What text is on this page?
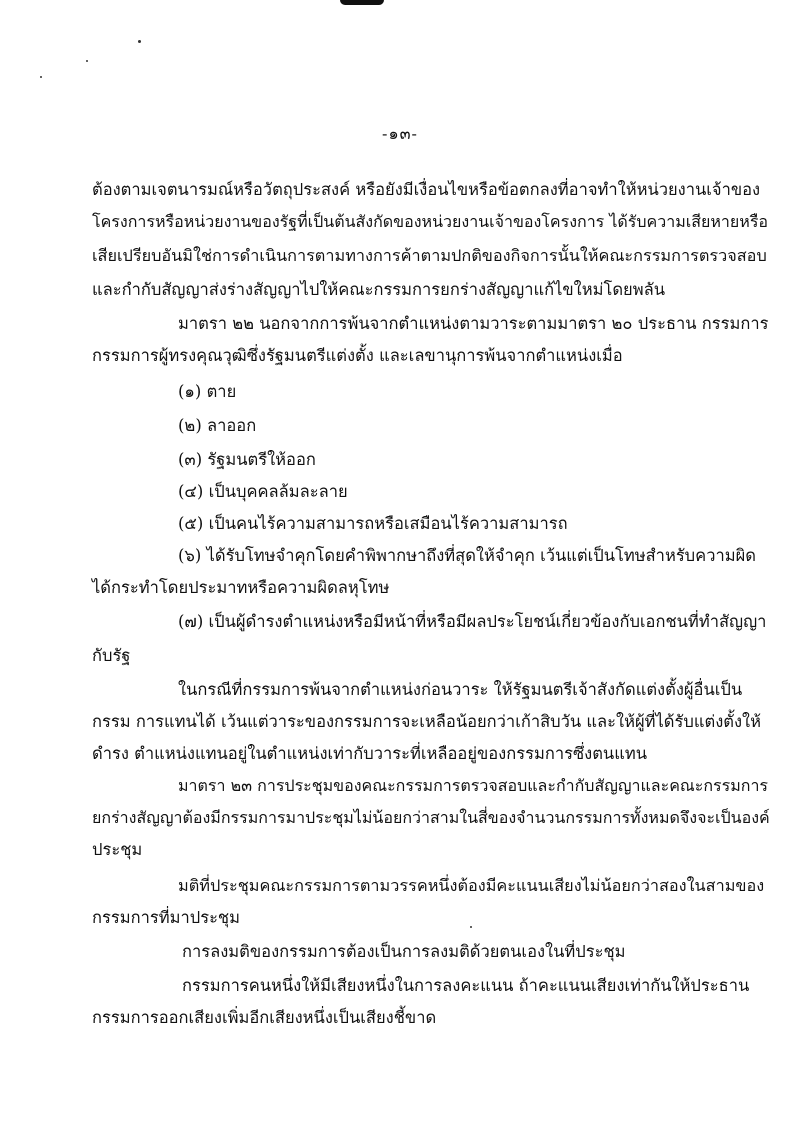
-๑๓-
ต้องตามเจตนารมณ์หรือวัตถุประสงค์ หรือยังมีเงื่อนไขหรือข้อตกลงที่อาจทำให้หน่วยงานเจ้าของ
โครงการหรือหน่วยงานของรัฐที่เป็นต้นสังกัดของหน่วยงานเจ้าของโครงการ ได้รับความเสียหายหรือ
เสียเปรียบอันมิใช่การดำเนินการตามทางการค้าตามปกติของกิจการนั้นให้คณะกรรมการตรวจสอบ
และกำกับสัญญาส่งร่างสัญญาไปให้คณะกรรมการยกร่างสัญญาแก้ไขใหม่โดยพลัน
มาตรา ๒๒ นอกจากการพ้นจากตำแหน่งตามวาระตามมาตรา ๒๐ ประธาน กรรมการ
กรรมการผู้ทรงคุณวุฒิซึ่งรัฐมนตรีแต่งตั้ง และเลขานุการพ้นจากตำแหน่งเมื่อ
(๑) ตาย
(๒) ลาออก
(๓) รัฐมนตรีให้ออก
(๔) เป็นบุคคลล้มละลาย
(๕) เป็นคนไร้ความสามารถหรือเสมือนไร้ความสามารถ
(๖) ได้รับโทษจำคุกโดยคำพิพากษาถึงที่สุดให้จำคุก เว้นแต่เป็นโทษสำหรับความผิด
ได้กระทำโดยประมาทหรือความผิดลหุโทษ
(๗) เป็นผู้ดำรงตำแหน่งหรือมีหน้าที่หรือมีผลประโยชน์เกี่ยวข้องกับเอกชนที่ทำสัญญา
กับรัฐ
ในกรณีที่กรรมการพ้นจากตำแหน่งก่อนวาระ ให้รัฐมนตรีเจ้าสังกัดแต่งตั้งผู้อื่นเป็น
กรรม การแทนได้ เว้นแต่วาระของกรรมการจะเหลือน้อยกว่าเก้าสิบวัน และให้ผู้ที่ได้รับแต่งตั้งให้
ดำรง ตำแหน่งแทนอยู่ในตำแหน่งเท่ากับวาระที่เหลืออยู่ของกรรมการซึ่งตนแทน
มาตรา ๒๓ การประชุมของคณะกรรมการตรวจสอบและกำกับสัญญาและคณะกรรมการ
ยกร่างสัญญาต้องมีกรรมการมาประชุมไม่น้อยกว่าสามในสี่ของจำนวนกรรมการทั้งหมดจึงจะเป็นองค์
ประชุม
มติที่ประชุมคณะกรรมการตามวรรคหนึ่งต้องมีคะแนนเสียงไม่น้อยกว่าสองในสามของ
กรรมการที่มาประชุม
การลงมติของกรรมการต้องเป็นการลงมติด้วยตนเองในที่ประชุม
กรรมการคนหนึ่งให้มีเสียงหนึ่งในการลงคะแนน ถ้าคะแนนเสียงเท่ากันให้ประธาน
กรรมการออกเสียงเพิ่มอีกเสียงหนึ่งเป็นเสียงชี้ขาด
